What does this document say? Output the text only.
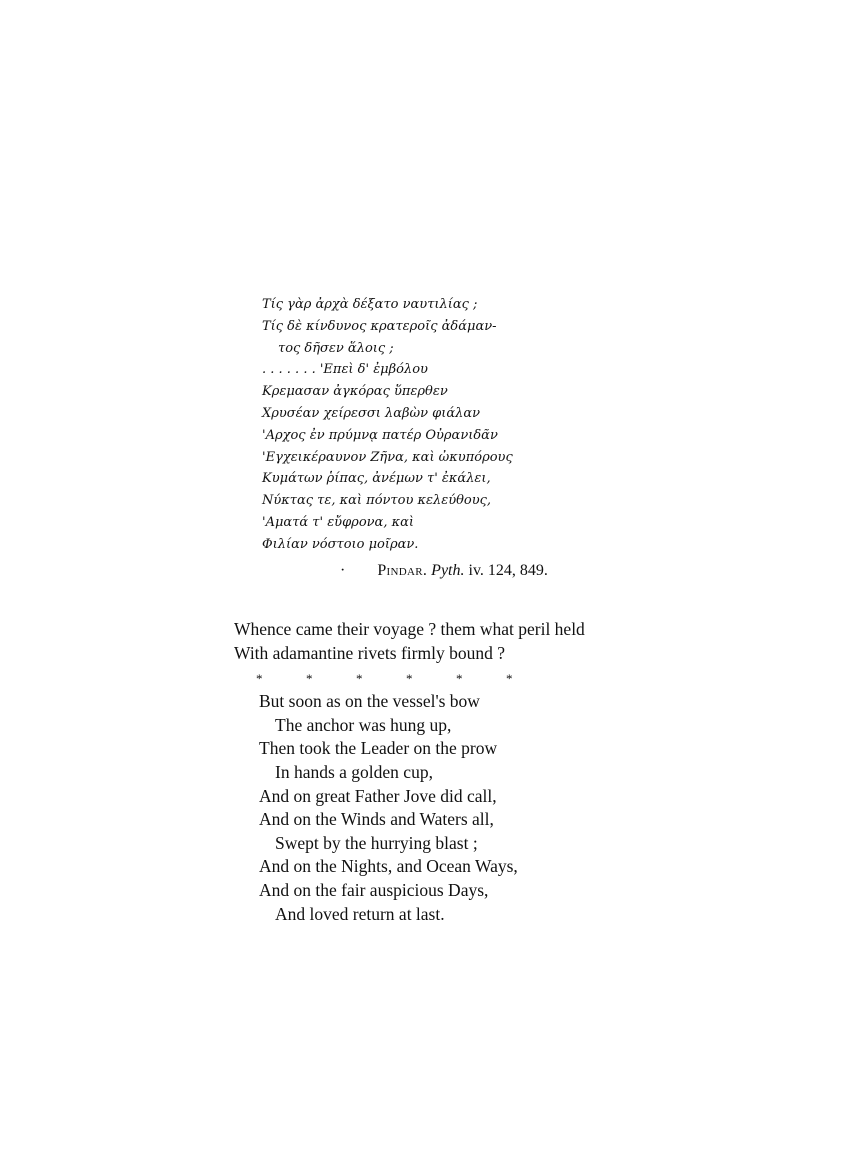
Τίς γὰρ ἀρχὰ δέξατο ναυτιλίας ;

Τίς δὲ κίνδυνος κρατεροῖς ἀδάμαν-

τος δῆσεν ἅλοις ;

. . . . . . . 'Επεὶ δ' ἐμβόλου

Κρεμασαν ἀγκόρας ὕπερθεν

Χρυσέαν χείρεσσι λαβὼν φιάλαν

'Αρχος ἐν πρύμνᾳ πατέρ Οὐρανιδᾶν

'Εγχεικέραυνον Ζῆνα, καὶ ὠκυπόρους

Κυμάτων ῥίπας, ἀνέμων τ' ἐκάλει,

Νύκτας τε, καὶ πόντου κελεύθους,

'Αματά τ' εὔφρονα, καὶ

Φιλίαν νόστοιο μοῖραν.

· Pindar. Pyth. iv. 124, 849.

Whence came their voyage ? them what peril held

With adamantine rivets firmly bound ?

*	*	*	*	*	*

But soon as on the vessel's bow

The anchor was hung up,

Then took the Leader on the prow

In hands a golden cup,

And on great Father Jove did call,

And on the Winds and Waters all,

Swept by the hurrying blast ;

And on the Nights, and Ocean Ways,

And on the fair auspicious Days,

And loved return at last.
